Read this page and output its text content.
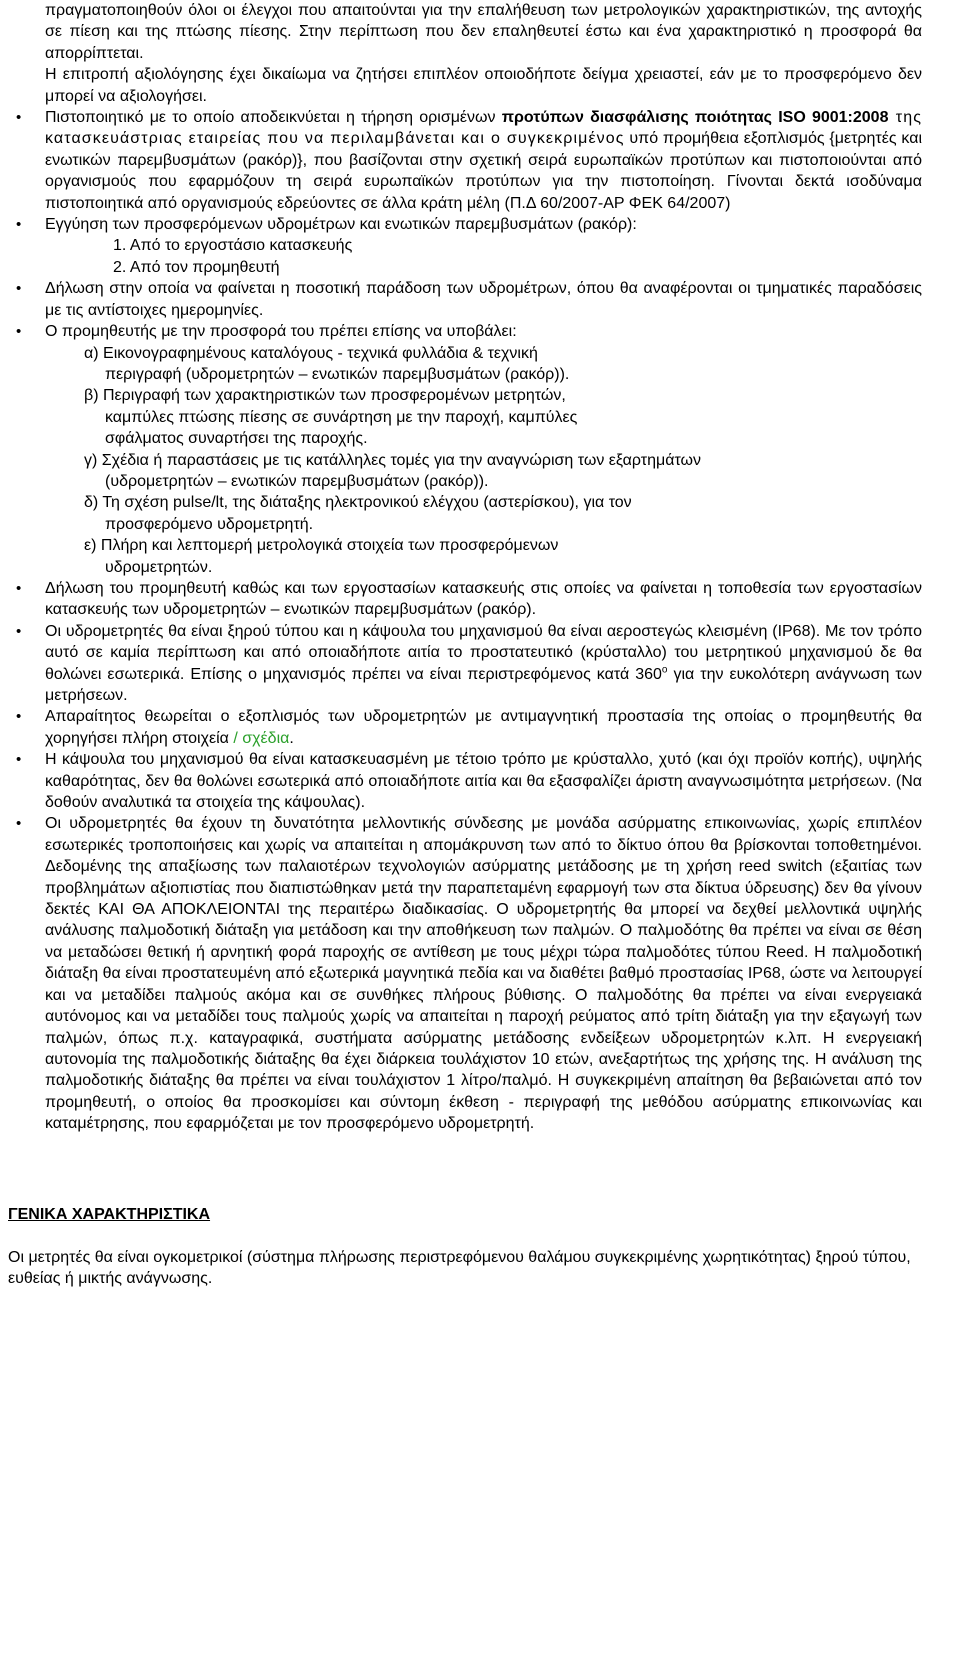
πραγματοποιηθούν όλοι οι έλεγχοι που απαιτούνται για την επαλήθευση των μετρολογικών χαρακτηριστικών, της αντοχής σε πίεση και της πτώσης πίεσης. Στην περίπτωση που δεν επαληθευτεί έστω και ένα χαρακτηριστικό η προσφορά θα απορρίπτεται.

Η επιτροπή αξιολόγησης έχει δικαίωμα να ζητήσει επιπλέον οποιοδήποτε δείγμα χρειαστεί, εάν με το προσφερόμενο δεν μπορεί να αξιολογήσει.

• Πιστοποιητικό με το οποίο αποδεικνύεται η τήρηση ορισμένων προτύπων διασφάλισης ποιότητας ISO 9001:2008 της κατασκευάστριας εταιρείας που να περιλαμβάνεται και ο συγκεκριμένος υπό προμήθεια εξοπλισμός {μετρητές και ενωτικών παρεμβυσμάτων (ρακόρ)}, που βασίζονται στην σχετική σειρά ευρωπαϊκών προτύπων και πιστοποιούνται από οργανισμούς που εφαρμόζουν τη σειρά ευρωπαϊκών προτύπων για την πιστοποίηση. Γίνονται δεκτά ισοδύναμα πιστοποιητικά από οργανισμούς εδρεύοντες σε άλλα κράτη μέλη (Π.Δ 60/2007-ΑΡ ΦΕΚ 64/2007)
• Εγγύηση των προσφερόμενων υδρομέτρων και ενωτικών παρεμβυσμάτων (ρακόρ):

1. Από το εργοστάσιο κατασκευής

2. Από τον προμηθευτή

• Δήλωση στην οποία να φαίνεται η ποσοτική παράδοση των υδρομέτρων, όπου θα αναφέρονται οι τμηματικές παραδόσεις με τις αντίστοιχες ημερομηνίες.
• Ο προμηθευτής με την προσφορά του πρέπει επίσης να υποβάλει:

α) Εικονογραφημένους καταλόγους - τεχνικά φυλλάδια & τεχνική

περιγραφή (υδρομετρητών – ενωτικών παρεμβυσμάτων (ρακόρ)).

β) Περιγραφή των χαρακτηριστικών των προσφερομένων μετρητών,

καμπύλες πτώσης πίεσης σε συνάρτηση με την παροχή, καμπύλες

σφάλματος συναρτήσει της παροχής.

γ) Σχέδια ή παραστάσεις με τις κατάλληλες τομές για την αναγνώριση των εξαρτημάτων

(υδρομετρητών – ενωτικών παρεμβυσμάτων (ρακόρ)).

δ) Τη σχέση pulse/lt, της διάταξης ηλεκτρονικού ελέγχου (αστερίσκου), για τον

προσφερόμενο υδρομετρητή.

ε) Πλήρη και λεπτομερή μετρολογικά στοιχεία των προσφερόμενων

υδρομετρητών.

• Δήλωση του προμηθευτή καθώς και των εργοστασίων κατασκευής στις οποίες να φαίνεται η τοποθεσία των εργοστασίων κατασκευής των υδρομετρητών – ενωτικών παρεμβυσμάτων (ρακόρ).
• Οι υδρομετρητές θα είναι ξηρού τύπου και η κάψουλα του μηχανισμού θα είναι αεροστεγώς κλεισμένη (IP68). Με τον τρόπο αυτό σε καμία περίπτωση και από οποιαδήποτε αιτία το προστατευτικό (κρύσταλλο) του μετρητικού μηχανισμού δε θα θολώνει εσωτερικά. Επίσης ο μηχανισμός πρέπει να είναι περιστρεφόμενος κατά $360^o$ για την ευκολότερη ανάγνωση των μετρήσεων.
• Απαραίτητος θεωρείται ο εξοπλισμός των υδρομετρητών με αντιμαγνητική προστασία της οποίας ο προμηθευτής θα χορηγήσει πλήρη στοιχεία / σχέδια.
• Η κάψουλα του μηχανισμού θα είναι κατασκευασμένη με τέτοιο τρόπο με κρύσταλλο, χυτό (και όχι προϊόν κοπής), υψηλής καθαρότητας, δεν θα θολώνει εσωτερικά από οποιαδήποτε αιτία και θα εξασφαλίζει άριστη αναγνωσιμότητα μετρήσεων. (Να δοθούν αναλυτικά τα στοιχεία της κάψουλας).
• Οι υδρομετρητές θα έχουν τη δυνατότητα μελλοντικής σύνδεσης με μονάδα ασύρματης επικοινωνίας, χωρίς επιπλέον εσωτερικές τροποποιήσεις και χωρίς να απαιτείται η απομάκρυνση των από το δίκτυο όπου θα βρίσκονται τοποθετημένοι. Δεδομένης της απαξίωσης των παλαιοτέρων τεχνολογιών ασύρματης μετάδοσης με τη χρήση reed switch (εξαιτίας των προβλημάτων αξιοπιστίας που διαπιστώθηκαν μετά την παραπεταμένη εφαρμογή των στα δίκτυα ύδρευσης) δεν θα γίνουν δεκτές ΚΑΙ ΘΑ ΑΠΟΚΛΕΙΟΝΤΑΙ της περαιτέρω διαδικασίας. Ο υδρομετρητής θα μπορεί να δεχθεί μελλοντικά υψηλής ανάλυσης παλμοδοτική διάταξη για μετάδοση και την αποθήκευση των παλμών. Ο παλμοδότης θα πρέπει να είναι σε θέση να μεταδώσει θετική ή αρνητική φορά παροχής σε αντίθεση με τους μέχρι τώρα παλμοδότες τύπου Reed. Η παλμοδοτική διάταξη θα είναι προστατευμένη από εξωτερικά μαγνητικά πεδία και να διαθέτει βαθμό προστασίας IP68, ώστε να λειτουργεί και να μεταδίδει παλμούς ακόμα και σε συνθήκες πλήρους βύθισης. Ο παλμοδότης θα πρέπει να είναι ενεργειακά αυτόνομος και να μεταδίδει τους παλμούς χωρίς να απαιτείται η παροχή ρεύματος από τρίτη διάταξη για την εξαγωγή των παλμών, όπως π.χ. καταγραφικά, συστήματα ασύρματης μετάδοσης ενδείξεων υδρομετρητών κ.λπ. Η ενεργειακή αυτονομία της παλμοδοτικής διάταξης θα έχει διάρκεια τουλάχιστον 10 ετών, ανεξαρτήτως της χρήσης της. Η ανάλυση της παλμοδοτικής διάταξης θα πρέπει να είναι τουλάχιστον 1 λίτρο/παλμό. Η συγκεκριμένη απαίτηση θα βεβαιώνεται από τον προμηθευτή, ο οποίος θα προσκομίσει και σύντομη έκθεση - περιγραφή της μεθόδου ασύρματης επικοινωνίας και καταμέτρησης, που εφαρμόζεται με τον προσφερόμενο υδρομετρητή.

ΓΕΝΙΚΑ ΧΑΡΑΚΤΗΡΙΣΤΙΚΑ

Οι μετρητές θα είναι ογκομετρικοί (σύστημα πλήρωσης περιστρεφόμενου θαλάμου συγκεκριμένης χωρητικότητας) ξηρού τύπου, ευθείας ή μικτής ανάγνωσης.
